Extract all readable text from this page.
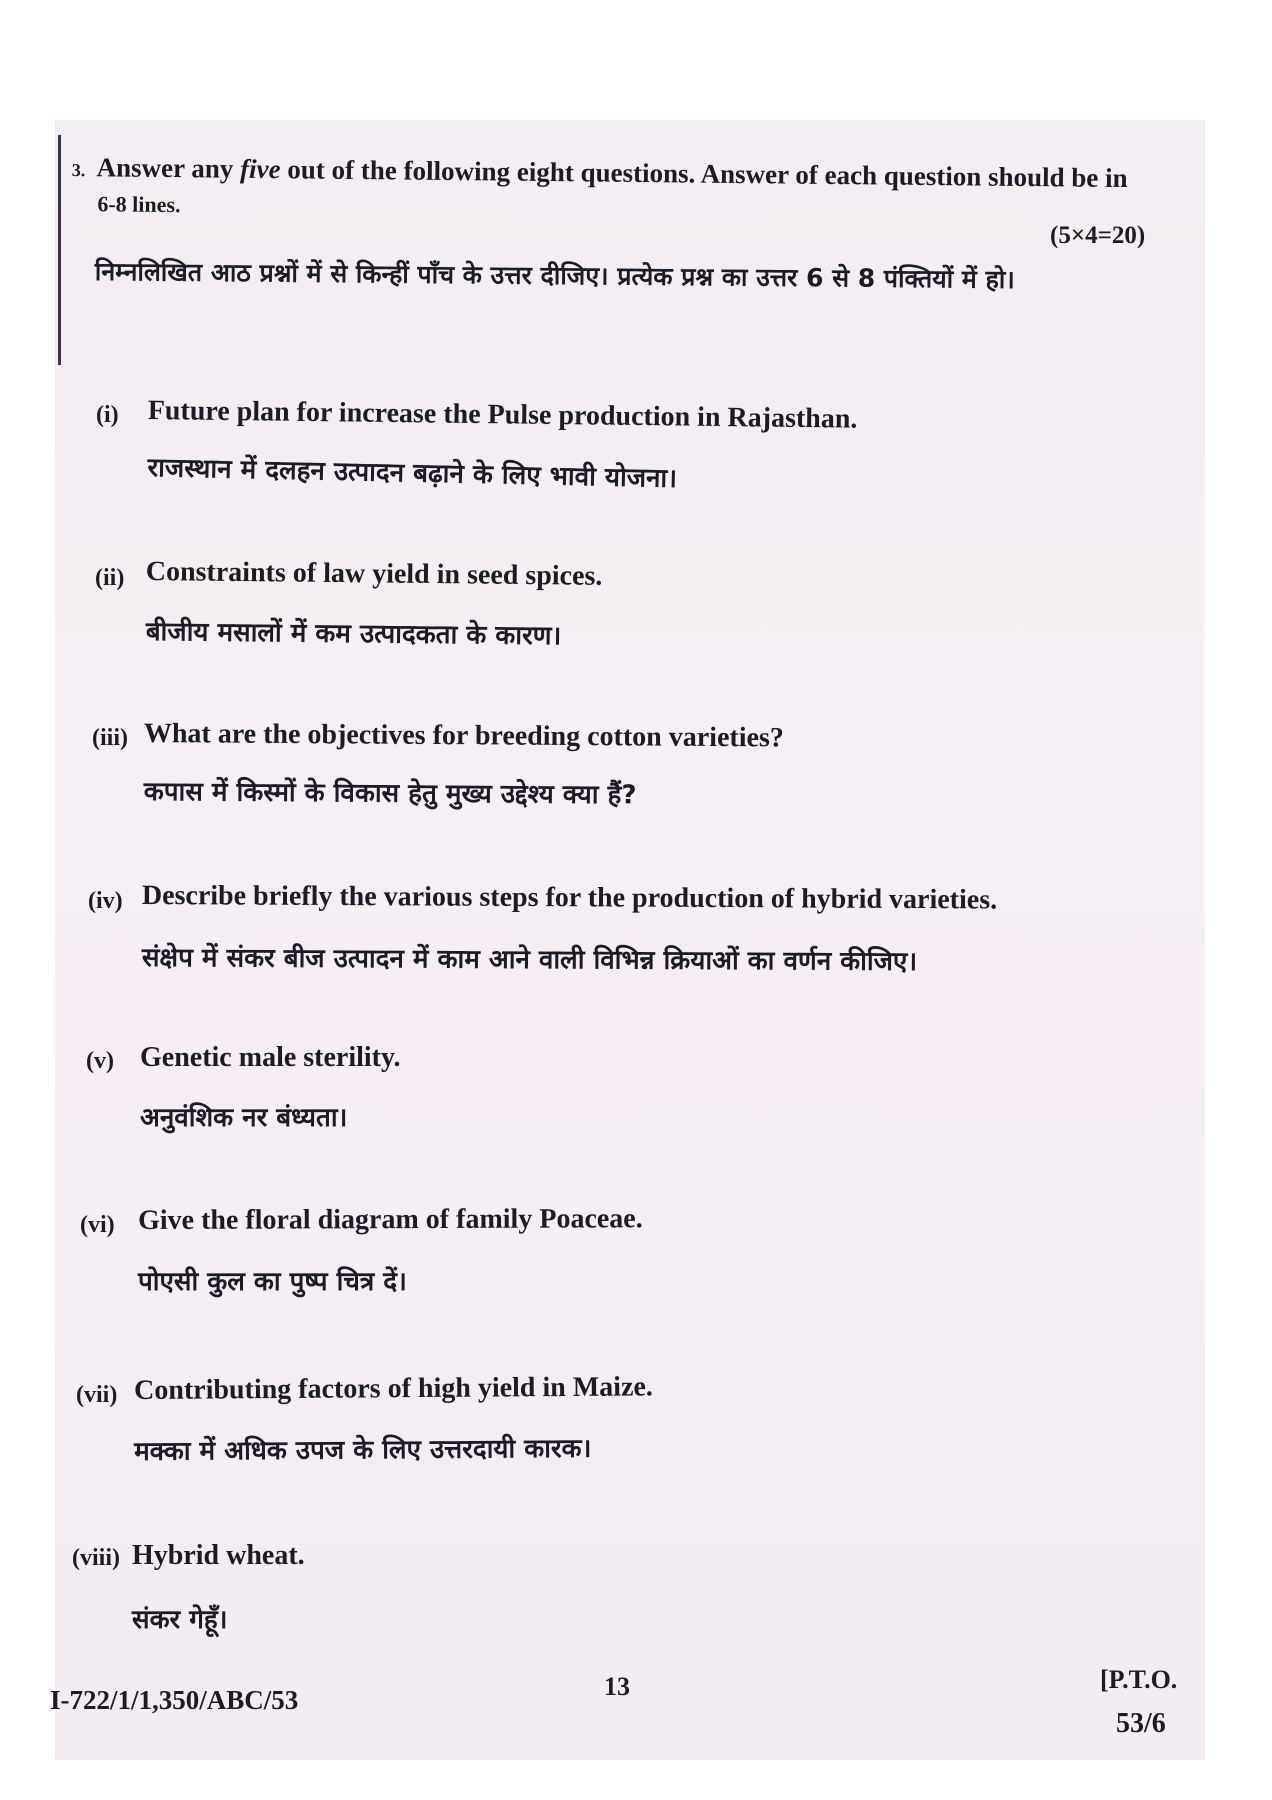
3. Answer any five out of the following eight questions. Answer of each question should be in
6-8 lines.
(5×4=20)
निम्नलिखित आठ प्रश्नों में से किन्हीं पाँच के उत्तर दीजिए। प्रत्येक प्रश्न का उत्तर 6 से 8 पंक्तियों में हो।
(i) Future plan for increase the Pulse production in Rajasthan.
राजस्थान में दलहन उत्पादन बढ़ाने के लिए भावी योजना।
(ii) Constraints of law yield in seed spices.
बीजीय मसालों में कम उत्पादकता के कारण।
(iii) What are the objectives for breeding cotton varieties?
कपास में किस्मों के विकास हेतु मुख्य उद्देश्य क्या हैं?
(iv) Describe briefly the various steps for the production of hybrid varieties.
संक्षेप में संकर बीज उत्पादन में काम आने वाली विभिन्न क्रियाओं का वर्णन कीजिए।
(v) Genetic male sterility.
अनुवंशिक नर बंध्यता।
(vi) Give the floral diagram of family Poaceae.
पोएसी कुल का पुष्प चित्र दें।
(vii) Contributing factors of high yield in Maize.
मक्का में अधिक उपज के लिए उत्तरदायी कारक।
(viii) Hybrid wheat.
संकर गेहूँ।
I-722/1/1,350/ABC/53	13	[P.T.O.
53/6
